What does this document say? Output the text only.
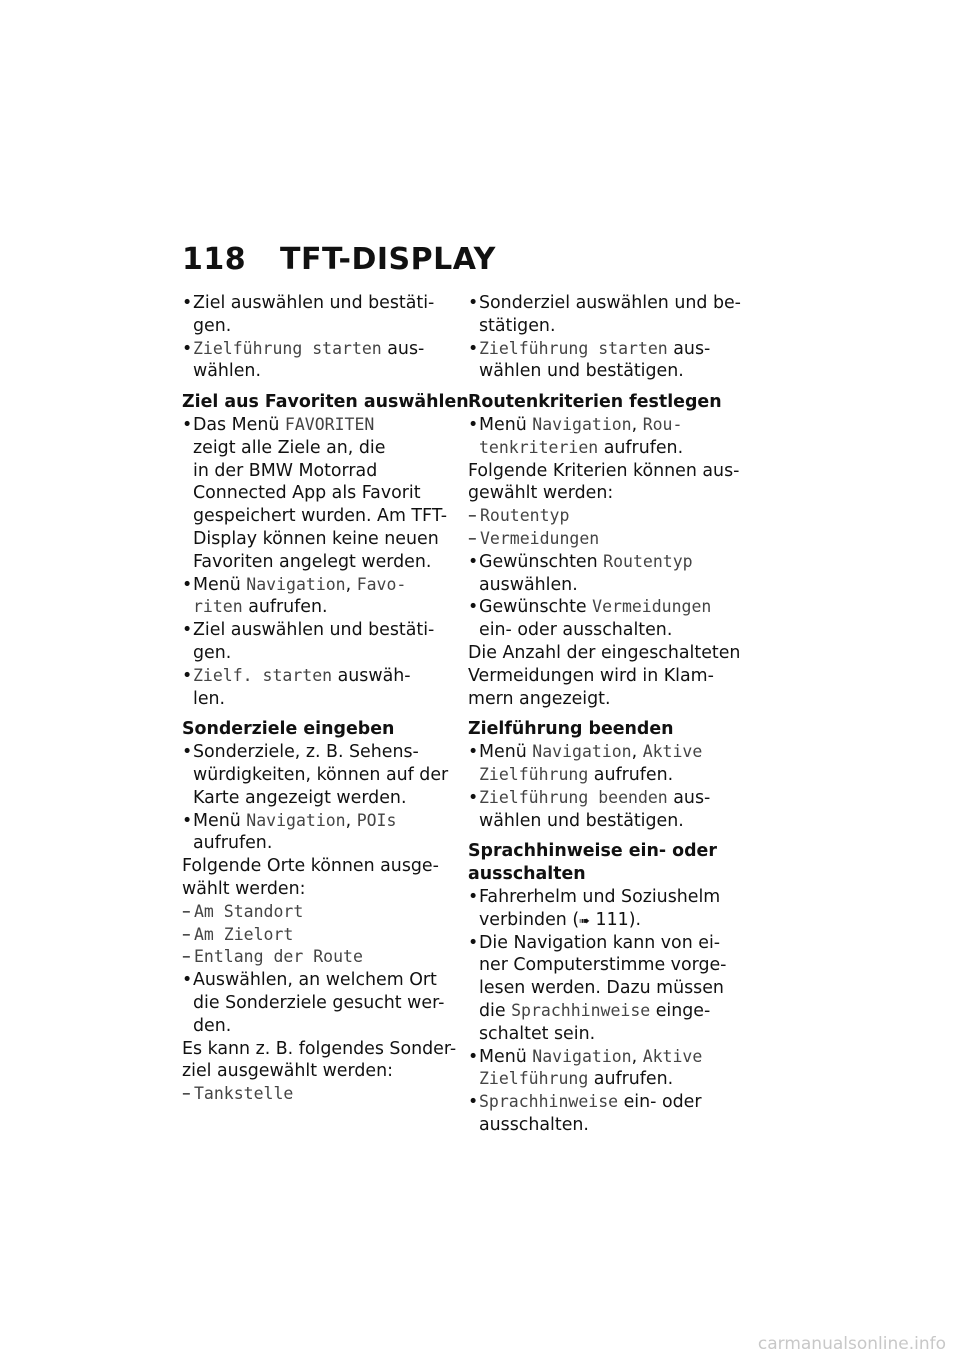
118 TFT-DISPLAY
• Ziel auswählen und bestäti-
gen.
• Zielführung starten aus-
wählen.
Ziel aus Favoriten auswählen
• Das Menü FAVORITEN
zeigt alle Ziele an, die
in der BMW Motorrad
Connected App als Favorit
gespeichert wurden. Am TFT-
Display können keine neuen
Favoriten angelegt werden.
• Menü Navigation, Favo-
riten aufrufen.
• Ziel auswählen und bestäti-
gen.
• Zielf. starten auswäh-
len.
Sonderziele eingeben
• Sonderziele, z. B. Sehens-
würdigkeiten, können auf der
Karte angezeigt werden.
• Menü Navigation, POIs
aufrufen.
Folgende Orte können ausge-
wählt werden:
– Am Standort
– Am Zielort
– Entlang der Route
• Auswählen, an welchem Ort
die Sonderziele gesucht wer-
den.
Es kann z. B. folgendes Sonder-
ziel ausgewählt werden:
– Tankstelle
• Sonderziel auswählen und be-
stätigen.
• Zielführung starten aus-
wählen und bestätigen.
Routenkriterien festlegen
• Menü Navigation, Rou-
tenkriterien aufrufen.
Folgende Kriterien können aus-
gewählt werden:
– Routentyp
– Vermeidungen
• Gewünschten Routentyp
auswählen.
• Gewünschte Vermeidungen
ein- oder ausschalten.
Die Anzahl der eingeschalteten
Vermeidungen wird in Klam-
mern angezeigt.
Zielführung beenden
• Menü Navigation, Aktive
Zielführung aufrufen.
• Zielführung beenden aus-
wählen und bestätigen.
Sprachhinweise ein- oder
ausschalten
• Fahrerhelm und Soziushelm
verbinden (➠ 111).
• Die Navigation kann von ei-
ner Computerstimme vorge-
lesen werden. Dazu müssen
die Sprachhinweise einge-
schaltet sein.
• Menü Navigation, Aktive
Zielführung aufrufen.
• Sprachhinweise ein- oder
ausschalten.
carmanualsonline.info
